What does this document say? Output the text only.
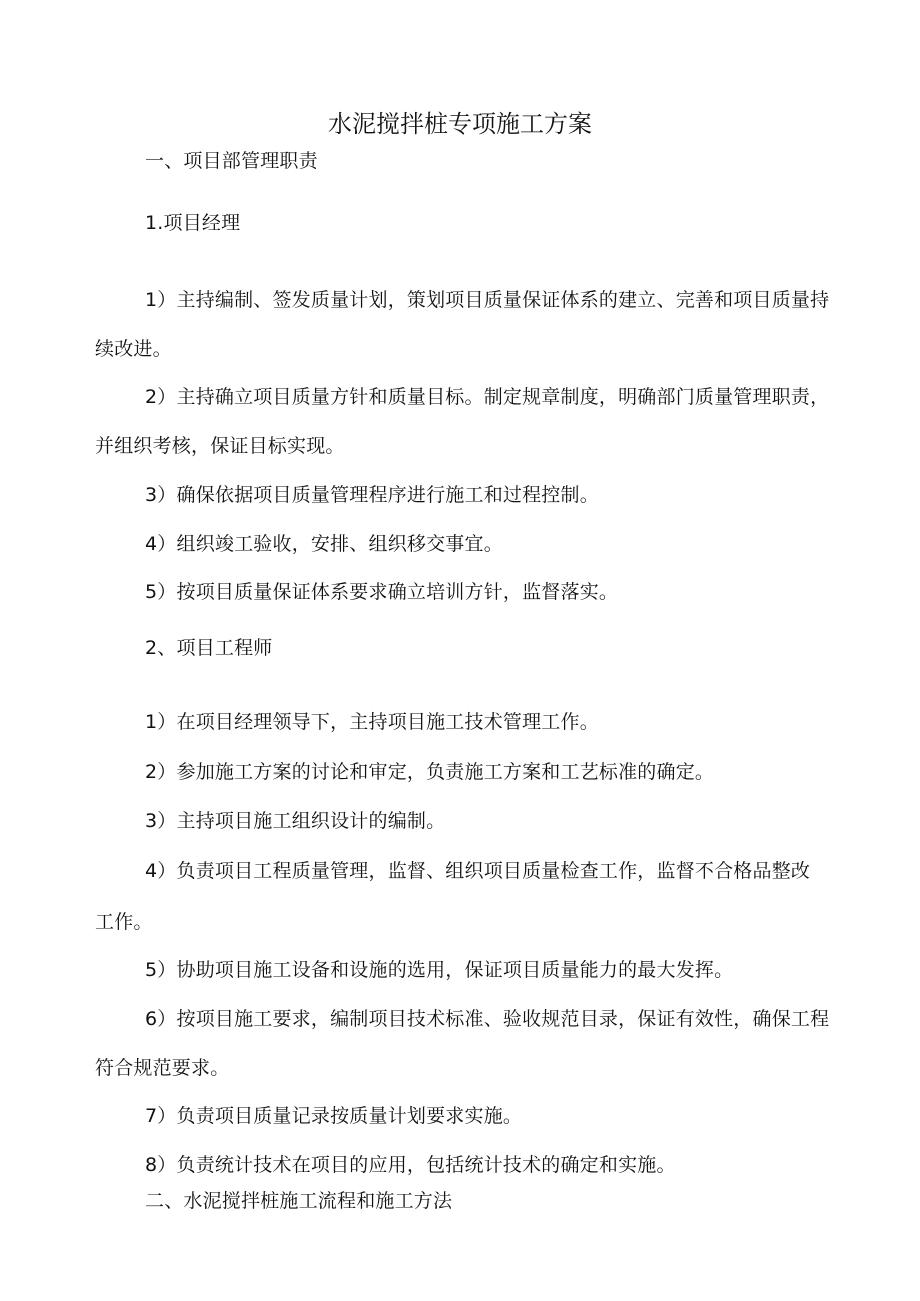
水泥搅拌桩专项施工方案
一、项目部管理职责
1.项目经理
1）主持编制、签发质量计划，策划项目质量保证体系的建立、完善和项目质量持
续改进。
2）主持确立项目质量方针和质量目标。制定规章制度，明确部门质量管理职责，
并组织考核，保证目标实现。
3）确保依据项目质量管理程序进行施工和过程控制。
4）组织竣工验收，安排、组织移交事宜。
5）按项目质量保证体系要求确立培训方针，监督落实。
2、项目工程师
1）在项目经理领导下，主持项目施工技术管理工作。
2）参加施工方案的讨论和审定，负责施工方案和工艺标准的确定。
3）主持项目施工组织设计的编制。
4）负责项目工程质量管理，监督、组织项目质量检查工作，监督不合格品整改
工作。
5）协助项目施工设备和设施的选用，保证项目质量能力的最大发挥。
6）按项目施工要求，编制项目技术标准、验收规范目录，保证有效性，确保工程
符合规范要求。
7）负责项目质量记录按质量计划要求实施。
8）负责统计技术在项目的应用，包括统计技术的确定和实施。
二、水泥搅拌桩施工流程和施工方法
